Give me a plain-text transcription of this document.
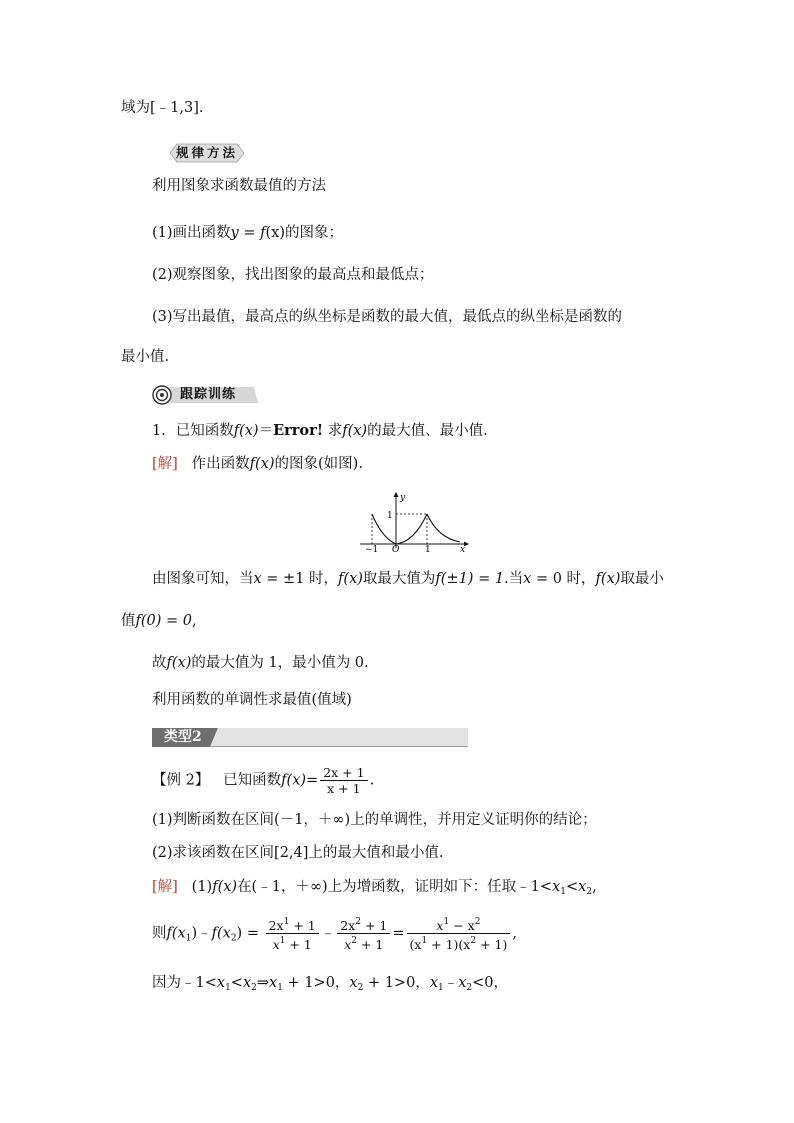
域为[﹣1,3].
规律方法
利用图象求函数最值的方法
(1)画出函数y = f(x)的图象；
(2)观察图象，找出图象的最高点和最低点；
(3)写出最值，最高点的纵坐标是函数的最大值，最低点的纵坐标是函数的
最小值.
跟踪训练
1．已知函数f(x)＝Error! 求f(x)的最大值、最小值.
[解] 作出函数f(x)的图象(如图).
y
x
O
−1	1
1
由图象可知，当x = ±1 时，f(x)取最大值为f(±1) = 1.当x = 0 时，f(x)取最小
值f(0) = 0,
故f(x)的最大值为 1，最小值为 0.
利用函数的单调性求最值(值域)
类型2
【例 2】 已知函数$f(x)= \frac{2x + 1}{x + 1}$ .
(1)判断函数在区间(－1，＋∞)上的单调性，并用定义证明你的结论；
(2)求该函数在区间[2,4]上的最大值和最小值.
[解] (1)f(x)在(﹣1，＋∞)上为增函数，证明如下：任取$﹣1<x_1<x_2$,
则$f(x_1)﹣f(x_2) = \frac{2x^1 + 1}{x^1 + 1}$ ﹣ $\frac{2x^2 + 1}{x^2 + 1} = \frac{x^1 - x^2}{(x^1 + 1)(x^2 + 1)}$ ,
因为$﹣1<x_1<x_2\Rightarrow x_1 + 1>0$，$x_2 + 1>0$，$x_1﹣x_2<0$，
